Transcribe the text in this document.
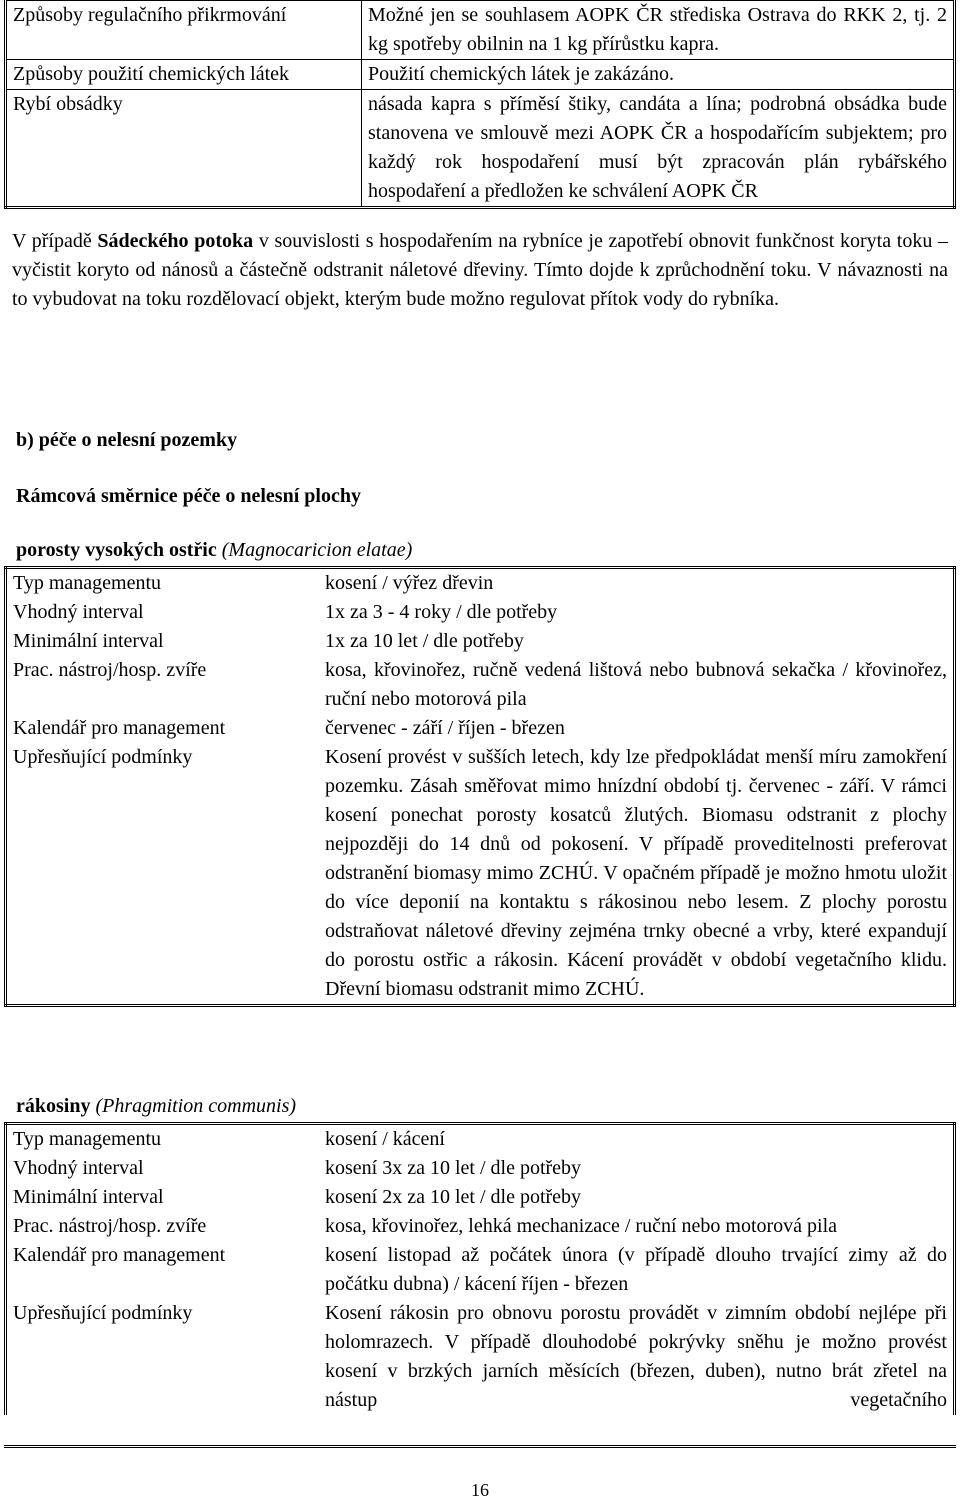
Způsoby regulačního přikrmování	Možné jen se souhlasem AOPK ČR střediska Ostrava do RKK 2, tj. 2 kg spotřeby obilnin na 1 kg přírůstku kapra.
Způsoby použití chemických látek	Použití chemických látek je zakázáno.
Rybí obsádky	násada kapra s příměsí štiky, candáta a lína; podrobná obsádka bude stanovena ve smlouvě mezi AOPK ČR a hospodařícím subjektem; pro každý rok hospodaření musí být zpracován plán rybářského hospodaření a předložen ke schválení AOPK ČR

V případě Sádeckého potoka v souvislosti s hospodařením na rybníce je zapotřebí obnovit funkčnost koryta toku – vyčistit koryto od nánosů a částečně odstranit náletové dřeviny. Tímto dojde k zprůchodnění toku. V návaznosti na to vybudovat na toku rozdělovací objekt, kterým bude možno regulovat přítok vody do rybníka.

b) péče o nelesní pozemky
Rámcová směrnice péče o nelesní plochy
porosty vysokých ostřic (Magnocaricion elatae)
Typ managementu	kosení / výřez dřevin
Vhodný interval	1x za 3 - 4 roky / dle potřeby
Minimální interval	1x za 10 let / dle potřeby
Prac. nástroj/hosp. zvíře	kosa, křovinořez, ručně vedená lištová nebo bubnová sekačka / křovinořez, ruční nebo motorová pila
Kalendář pro management	červenec - září / říjen - březen
Upřesňující podmínky	Kosení provést v sušších letech, kdy lze předpokládat menší míru zamokření pozemku. Zásah směřovat mimo hnízdní období tj. červenec - září. V rámci kosení ponechat porosty kosatců žlutých. Biomasu odstranit z plochy nejpozději do 14 dnů od pokosení. V případě proveditelnosti preferovat odstranění biomasy mimo ZCHÚ. V opačném případě je možno hmotu uložit do více deponií na kontaktu s rákosinou nebo lesem. Z plochy porostu odstraňovat náletové dřeviny zejména trnky obecné a vrby, které expandují do porostu ostřic a rákosin. Kácení provádět v období vegetačního klidu. Dřevní biomasu odstranit mimo ZCHÚ.
rákosiny (Phragmition communis)
Typ managementu	kosení / kácení
Vhodný interval	kosení 3x za 10 let / dle potřeby
Minimální interval	kosení 2x za 10 let / dle potřeby
Prac. nástroj/hosp. zvíře	kosa, křovinořez, lehká mechanizace / ruční nebo motorová pila
Kalendář pro management	kosení listopad až počátek února (v případě dlouho trvající zimy až do počátku dubna) / kácení říjen - březen
Upřesňující podmínky	Kosení rákosin pro obnovu porostu provádět v zimním období nejlépe při holomrazech. V případě dlouhodobé pokrývky sněhu je možno provést kosení v brzkých jarních měsících (březen, duben), nutno brát zřetel na nástup vegetačního
16
